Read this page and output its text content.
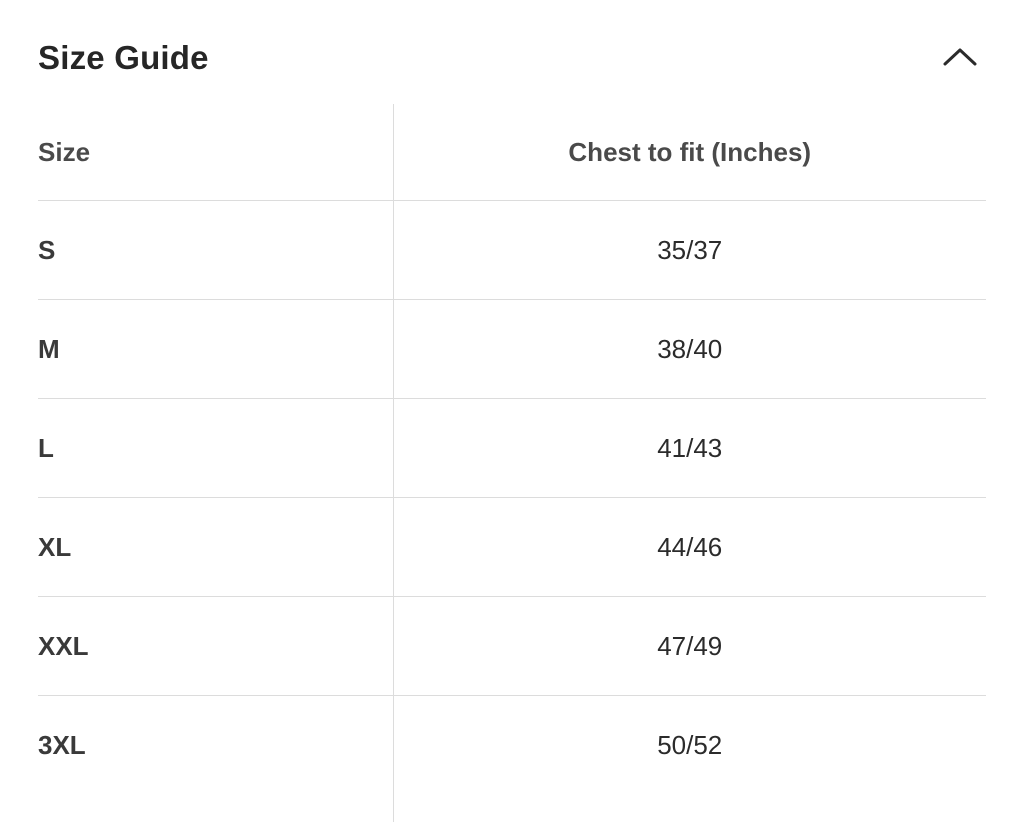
Size Guide
Size	Chest to fit (Inches)
S	35/37
M	38/40
L	41/43
XL	44/46
XXL	47/49
3XL	50/52
